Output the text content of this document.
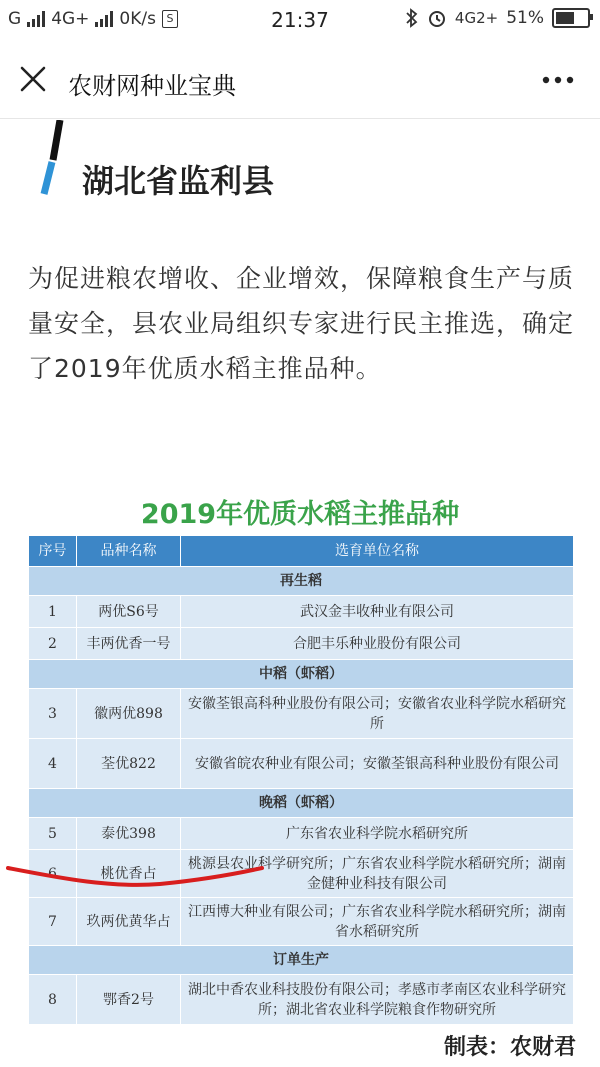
G 4G+ 0K/s S	21:37	4G2+ 51%
农财网种业宝典
湖北省监利县
为促进粮农增收、企业增效，保障粮食生产与质量安全，县农业局组织专家进行民主推选，确定了2019年优质水稻主推品种。
2019年优质水稻主推品种
序号	品种名称	选育单位名称
再生稻		
1	两优S6号	武汉金丰收种业有限公司
2	丰两优香一号	合肥丰乐种业股份有限公司
中稻（虾稻）		
3	徽两优898	安徽荃银高科种业股份有限公司；安徽省农业科学院水稻研究所
4	荃优822	安徽省皖农种业有限公司；安徽荃银高科种业股份有限公司
晚稻（虾稻）		
5	泰优398	广东省农业科学院水稻研究所
6	桃优香占	桃源县农业科学研究所；广东省农业科学院水稻研究所；湖南金健种业科技有限公司
7	玖两优黄华占	江西博大种业有限公司；广东省农业科学院水稻研究所；湖南省水稻研究所
订单生产		
8	鄂香2号	湖北中香农业科技股份有限公司；孝感市孝南区农业科学研究所；湖北省农业科学院粮食作物研究所
制表：农财君
